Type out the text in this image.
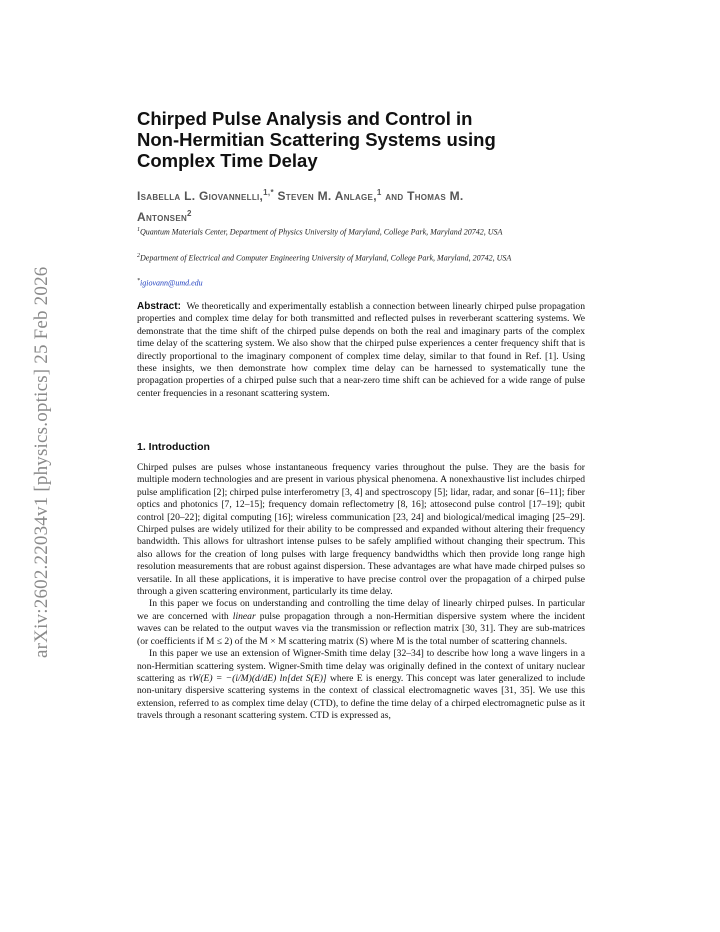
arXiv:2602.22034v1 [physics.optics] 25 Feb 2026
Chirped Pulse Analysis and Control in
Non-Hermitian Scattering Systems using
Complex Time Delay
Isabella L. Giovannelli,$^{1,*}$ Steven M. Anlage,$^1$ and Thomas M.
Antonsen$^2$
$^1$Quantum Materials Center, Department of Physics University of Maryland, College Park, Maryland 20742, USA
$^2$Department of Electrical and Computer Engineering University of Maryland, College Park, Maryland, 20742, USA
*igiovann@umd.edu
Abstract: We theoretically and experimentally establish a connection between linearly chirped pulse propagation properties and complex time delay for both transmitted and reflected pulses in reverberant scattering systems. We demonstrate that the time shift of the chirped pulse depends on both the real and imaginary parts of the complex time delay of the scattering system. We also show that the chirped pulse experiences a center frequency shift that is directly proportional to the imaginary component of complex time delay, similar to that found in Ref. [1]. Using these insights, we then demonstrate how complex time delay can be harnessed to systematically tune the propagation properties of a chirped pulse such that a near-zero time shift can be achieved for a wide range of pulse center frequencies in a resonant scattering system.
1. Introduction

Chirped pulses are pulses whose instantaneous frequency varies throughout the pulse. They are the basis for multiple modern technologies and are present in various physical phenomena. A nonexhaustive list includes chirped pulse amplification [2]; chirped pulse interferometry [3, 4] and spectroscopy [5]; lidar, radar, and sonar [6–11]; fiber optics and photonics [7, 12–15]; frequency domain reflectometry [8, 16]; attosecond pulse control [17–19]; qubit control [20–22]; digital computing [16]; wireless communication [23, 24] and biological/medical imaging [25–29]. Chirped pulses are widely utilized for their ability to be compressed and expanded without altering their frequency bandwidth. This allows for ultrashort intense pulses to be safely amplified without changing their spectrum. This also allows for the creation of long pulses with large frequency bandwidths which then provide long range high resolution measurements that are robust against dispersion. These advantages are what have made chirped pulses so versatile. In all these applications, it is imperative to have precise control over the propagation of a chirped pulse through a given scattering environment, particularly its time delay.

In this paper we focus on understanding and controlling the time delay of linearly chirped pulses. In particular we are concerned with linear pulse propagation through a non-Hermitian dispersive system where the incident waves can be related to the output waves via the transmission or reflection matrix [30, 31]. They are sub-matrices (or coefficients if M ≤ 2) of the M × M scattering matrix (S) where M is the total number of scattering channels.

In this paper we use an extension of Wigner-Smith time delay [32–34] to describe how long a wave lingers in a non-Hermitian scattering system. Wigner-Smith time delay was originally defined in the context of unitary nuclear scattering as τW(E) = −(i/M)(d/dE) ln[det S(E)] where E is energy. This concept was later generalized to include non-unitary dispersive scattering systems in the context of classical electromagnetic waves [31, 35]. We use this extension, referred to as complex time delay (CTD), to define the time delay of a chirped electromagnetic pulse as it travels through a resonant scattering system. CTD is expressed as,
